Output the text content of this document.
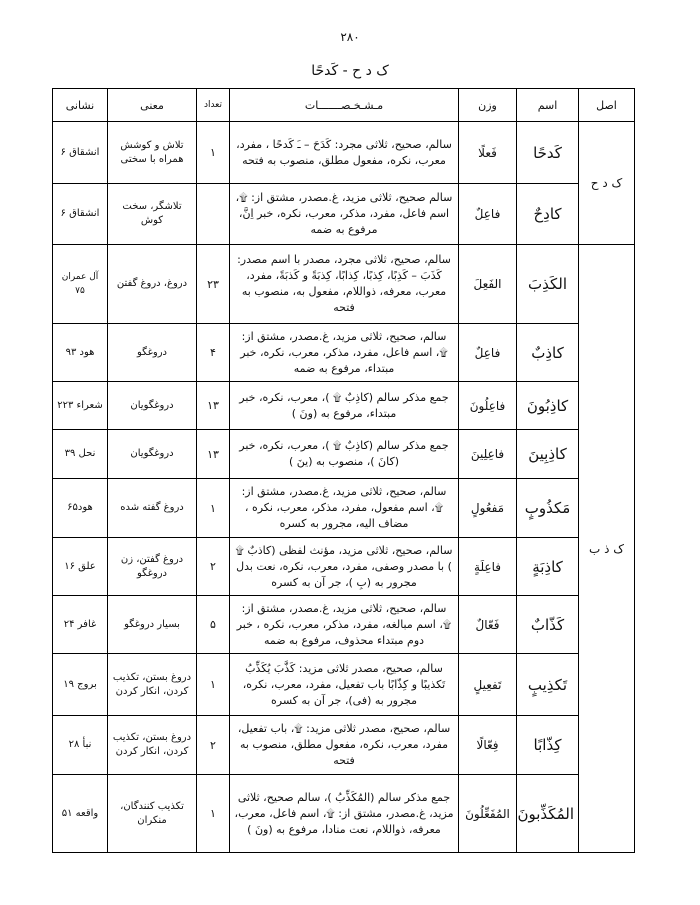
۲۸۰
ک د ح - کَدحًا
اصل	اسم	وزن	مـشـخـصـــــــات	تعداد	معنی	نشانی
ک د ح	کَدحًا	فَعلًا	سالم، صحیح، ثلاثی مجرد: کَدَحَ – ـَ کَدحًا ، مفرد، معرب، نکره، مفعول مطلق، منصوب به فتحه	۱	تلاش و کوشش همراه با سختی	انشقاق ۶
	کادِحٌ	فاعِلٌ	سالم صحیح، ثلاثی مزید، غ.مصدر، مشتق از: ۩، اسم فاعل، مفرد، مذکر، معرب، نکره، خبر اِنَّ، مرفوع به ضمه		تلاشگر، سخت کوش	انشقاق ۶
ک ذ ب	الکَذِبَ	الفَعِلَ	سالم، صحیح، ثلاثی مجرد، مصدر با اسم مصدر: کَذَبَ – کَذِبًا، کِذبًا، کِذابًا، کِذبَةً و کَذبَةً، مفرد، معرب، معرفه، ذواللام، مفعول به، منصوب به فتحه	۲۳	دروغ، دروغ گفتن	آل عمران ۷۵
	کاذِبٌ	فاعِلٌ	سالم، صحیح، ثلاثی مزید، غ.مصدر، مشتق از: ۩، اسم فاعل، مفرد، مذکر، معرب، نکره، خبر مبتداء، مرفوع به ضمه	۴	دروغگو	هود ۹۳
	کاذِبُونَ	فاعِلُونَ	جمع مذکر سالم (کاذِبٌ ۩ )، معرب، نکره، خبر مبتداء، مرفوع به (ونَ )	۱۳	دروغگویان	شعراء ۲۲۳
	کاذِبِینَ	فاعِلِینَ	جمع مذکر سالم (کاذِبٌ ۩ )، معرب، نکره، خبر (کانَ )، منصوب به (ینَ )	۱۳	دروغگویان	نحل ۳۹
	مَکذُوبٍ	مَفعُولٍ	سالم، صحیح، ثلاثی مزید، غ.مصدر، مشتق از: ۩، اسم مفعول، مفرد، مذکر، معرب، نکره ، مضاف الیه، مجرور به کسره	۱	دروغ گفته شده	هود۶۵
	کاذِبَةٍ	فاعِلَةٍ	سالم، صحیح، ثلاثی مزید، مؤنث لفظی (کاذبٌ ۩ ) با مصدر وصفی، مفرد، معرب، نکره، نعت بدل مجرور به (بِ )، جر آن به کسره	۲	دروغ گفتن، زن دروغگو	علق ۱۶
	کَذّابٌ	فَعّالٌ	سالم، صحیح، ثلاثی مزید، غ.مصدر، مشتق از: ۩، اسم مبالغه، مفرد، مذکر، معرب، نکره ، خبر دوم مبتداء محذوف، مرفوع به ضمه	۵	بسیار دروغگو	غافر ۲۴
	تَکذِیبٍ	تَفعِیلٍ	سالم، صحیح، مصدر ثلاثی مزید: کَذَّبَ یُکَذِّبُ تَکذیبًا و کِذّابًا باب تفعیل، مفرد، معرب، نکره، مجرور به (فی)، جر آن به کسره	۱	دروغ بستن، تکذیب کردن، انکار کردن	بروج ۱۹
	کِذّابًا	فِعّالًا	سالم، صحیح، مصدر ثلاثی مزید: ۩، باب تفعیل، مفرد، معرب، نکره، مفعول مطلق، منصوب به فتحه	۲	دروغ بستن، تکذیب کردن، انکار کردن	نبأ ۲۸
	المُکَذِّبونَ	المُفَعِّلُونَ	جمع مذکر سالم (المُکَذِّبُ )، سالم صحیح، ثلاثی مزید، غ.مصدر، مشتق از: ۩، اسم فاعل، معرب، معرفه، ذواللام، نعت منادا، مرفوع به (ونَ )	۱	تکذیب کنندگان، منکران	واقعه ۵۱
